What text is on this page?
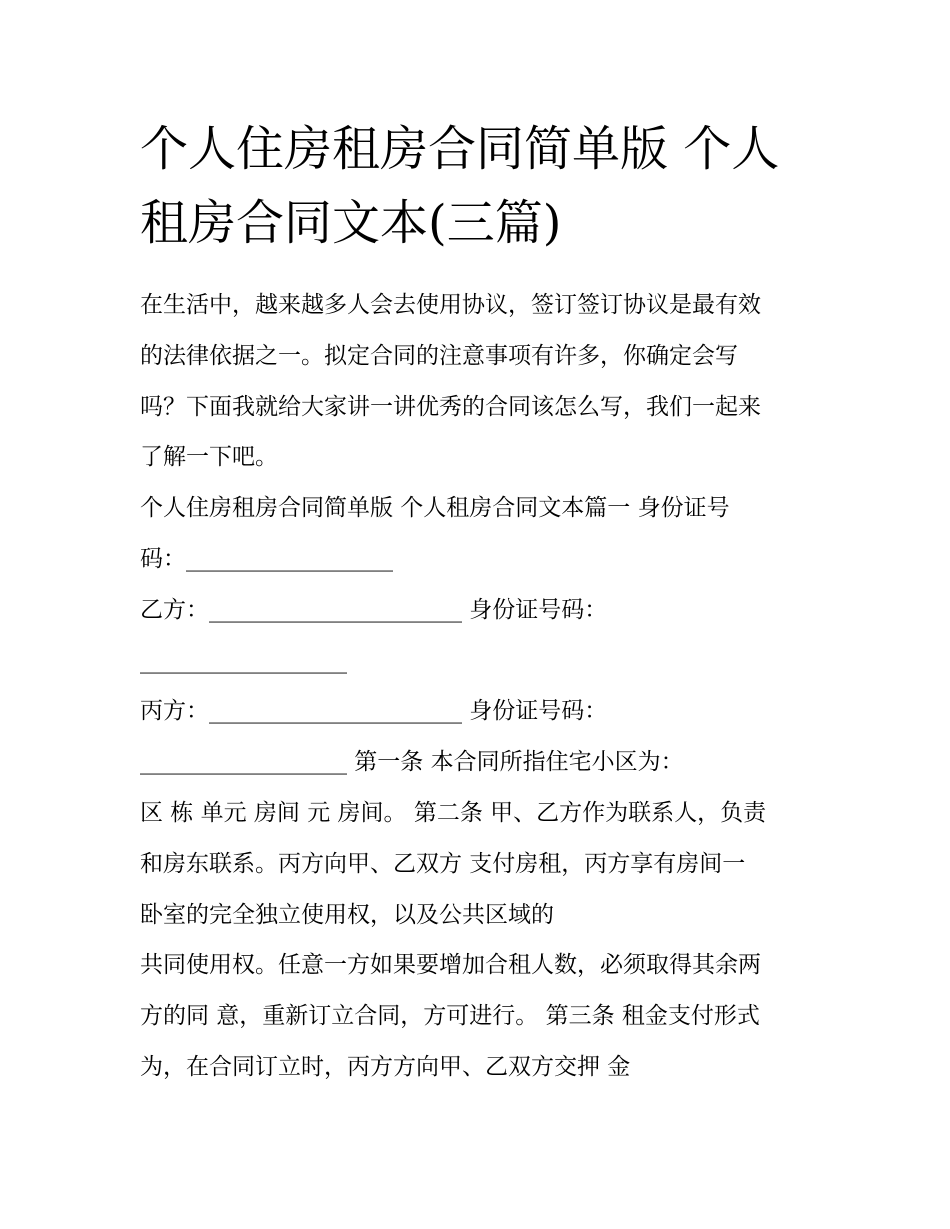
个人住房租房合同简单版 个人
租房合同文本(三篇)
在生活中，越来越多人会去使用协议，签订签订协议是最有效
的法律依据之一。拟定合同的注意事项有许多，你确定会写
吗？下面我就给大家讲一讲优秀的合同该怎么写，我们一起来
了解一下吧。
个人住房租房合同简单版 个人租房合同文本篇一 身份证号
码：__________________
乙方：______________________ 身份证号码：
__________________
丙方：______________________ 身份证号码：
__________________ 第一条 本合同所指住宅小区为：
区 栋 单元 房间 元 房间。 第二条 甲、乙方作为联系人，负责
和房东联系。丙方向甲、乙双方 支付房租，丙方享有房间一
卧室的完全独立使用权，以及公共区域的
共同使用权。任意一方如果要增加合租人数，必须取得其余两
方的同 意，重新订立合同，方可进行。 第三条 租金支付形式
为，在合同订立时，丙方方向甲、乙双方交押 金
